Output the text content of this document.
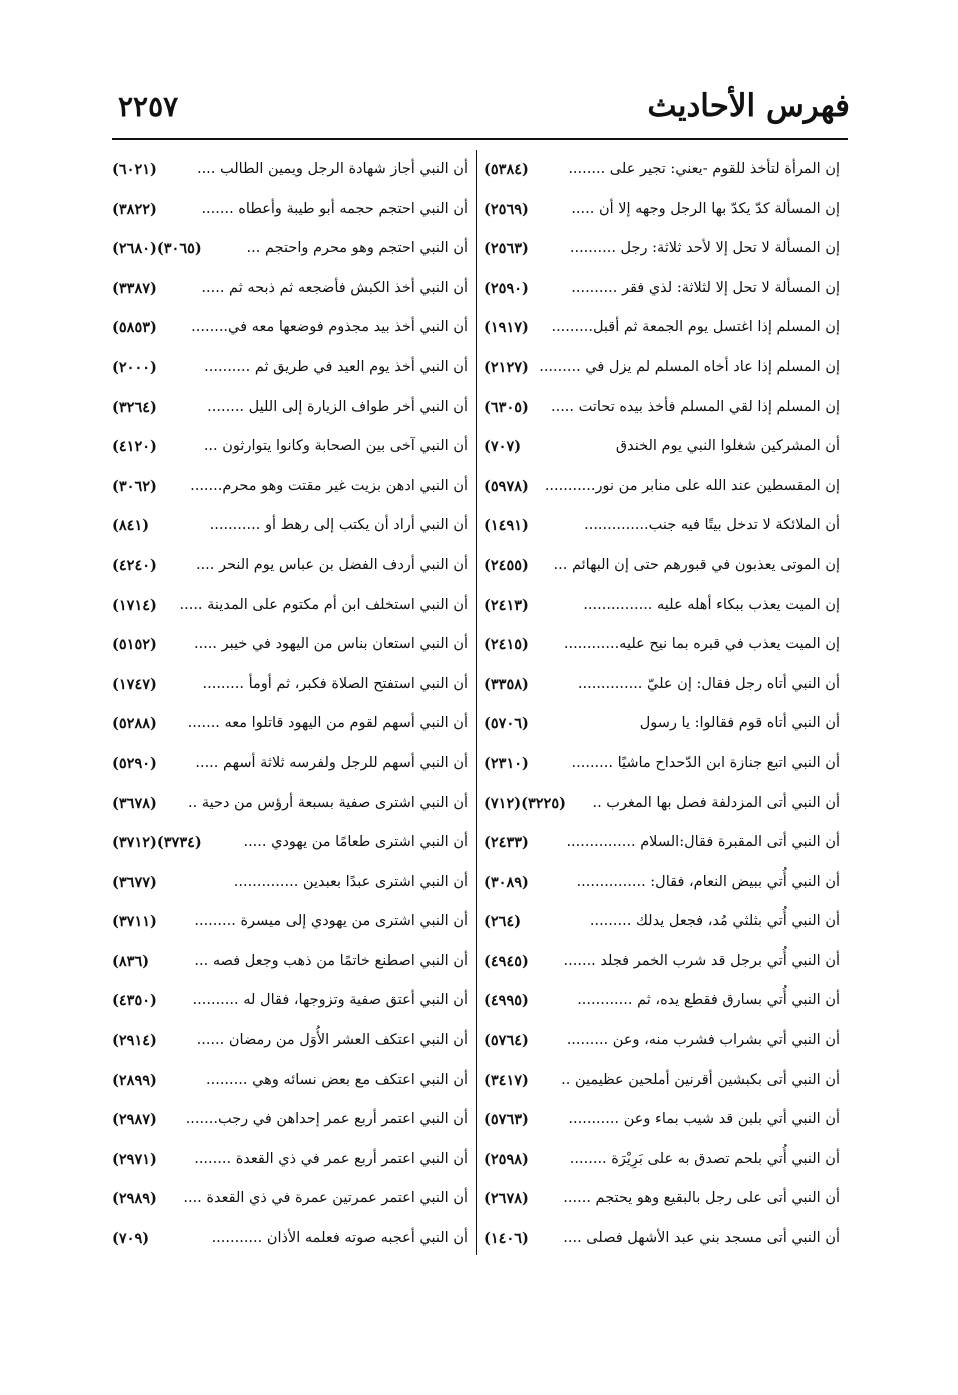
فهرس الأحاديث
٢٢٥٧
إن المرأة لتأخذ للقوم -يعني: تجير على ........
(٥٣٨٤)
إن المسألة كدّ يكدّ بها الرجل وجهه إلا أن .....
(٢٥٦٩)
إن المسألة لا تحل إلا لأحد ثلاثة: رجل ..........
(٢٥٦٣)
إن المسألة لا تحل إلا لثلاثة: لذي فقر ..........
(٢٥٩٠)
إن المسلم إذا اغتسل يوم الجمعة ثم أقبل.........
(١٩١٧)
إن المسلم إذا عاد أخاه المسلم لم يزل في .........
(٢١٢٧)
إن المسلم إذا لقي المسلم فأخذ بيده تحاتت .....
(٦٣٠٥)
أن المشركين شغلوا النبي يوم الخندق
(٧٠٧)
إن المقسطين عند الله على منابر من نور...........
(٥٩٧٨)
أن الملائكة لا تدخل بيتًا فيه جنب..............
(١٤٩١)
إن الموتى يعذبون في قبورهم حتى إن البهائم ...
(٢٤٥٥)
إن الميت يعذب ببكاء أهله عليه ...............
(٢٤١٣)
إن الميت يعذب في قبره بما نيح عليه............
(٢٤١٥)
أن النبي أتاه رجل فقال: إن عليّ ..............
(٣٣٥٨)
أن النبي أتاه قوم فقالوا: يا رسول
(٥٧٠٦)
أن النبي اتبع جنازة ابن الدّحداح ماشيًا .........
(٢٣١٠)
أن النبي أتى المزدلفة فصل بها المغرب ..
(٧١٢)(٣٢٢٥)
أن النبي أتى المقبرة فقال:السلام ...............
(٢٤٣٣)
أن النبي أُتي ببيض النعام، فقال: ...............
(٣٠٨٩)
أن النبي أُتي بثلثي مُد، فجعل يدلك .........
(٢٦٤)
أن النبي أُتي برجل قد شرب الخمر فجلد .......
(٤٩٤٥)
أن النبي أُتي بسارق فقطع يده، ثم ............
(٤٩٩٥)
أن النبي أتي بشراب فشرب منه، وعن .........
(٥٧٦٤)
أن النبي أتى بكبشين أقرنين أملحين عظيمين ..
(٣٤١٧)
أن النبي أتي بلبن قد شيب بماء وعن ...........
(٥٧٦٣)
أن النبي أُتي بلحم تصدق به على بَرِيْرَة ........
(٢٥٩٨)
أن النبي أتى على رجل بالبقيع وهو يحتجم ......
(٢٦٧٨)
أن النبي أتى مسجد بني عبد الأشهل فصلى ....
(١٤٠٦)
أن النبي أجاز شهادة الرجل ويمين الطالب ....
(٦٠٢١)
أن النبي احتجم حجمه أبو طيبة وأعطاه .......
(٣٨٢٢)
أن النبي احتجم وهو محرم واحتجم ...
(٢٦٨٠)(٣٠٦٥)
أن النبي أخذ الكبش فأضجعه ثم ذبحه ثم .....
(٣٣٨٧)
أن النبي أخذ بيد مجذوم فوضعها معه في........
(٥٨٥٣)
أن النبي أخذ يوم العيد في طريق ثم ..........
(٢٠٠٠)
أن النبي أخر طواف الزيارة إلى الليل ........
(٣٢٦٤)
أن النبي آخى بين الصحابة وكانوا يتوارثون ...
(٤١٢٠)
أن النبي ادهن بزيت غير مقتت وهو محرم.......
(٣٠٦٢)
أن النبي أراد أن يكتب إلى رهط أو ...........
(٨٤١)
أن النبي أردف الفضل بن عباس يوم النحر ....
(٤٢٤٠)
أن النبي استخلف ابن أم مكتوم على المدينة .....
(١٧١٤)
أن النبي استعان بناس من اليهود في خيبر .....
(٥١٥٢)
أن النبي استفتح الصلاة فكبر، ثم أومأ .........
(١٧٤٧)
أن النبي أسهم لقوم من اليهود قاتلوا معه .......
(٥٢٨٨)
أن النبي أسهم للرجل ولفرسه ثلاثة أسهم .....
(٥٢٩٠)
أن النبي اشترى صفية بسبعة أرؤس من دحية ..
(٣٦٧٨)
أن النبي اشترى طعامًا من يهودي .....
(٣٧١٢)(٣٧٣٤)
أن النبي اشترى عبدًا بعبدين ..............
(٣٦٧٧)
أن النبي اشترى من يهودي إلى ميسرة .........
(٣٧١١)
أن النبي اصطنع خاتمًا من ذهب وجعل فصه ...
(٨٣٦)
أن النبي أعتق صفية وتزوجها، فقال له ..........
(٤٣٥٠)
أن النبي اعتكف العشر الأُوَل من رمضان ......
(٢٩١٤)
أن النبي اعتكف مع بعض نسائه وهي .........
(٢٨٩٩)
أن النبي اعتمر أربع عمر إحداهن في رجب.......
(٢٩٨٧)
أن النبي اعتمر أربع عمر في ذي القعدة ........
(٢٩٧١)
أن النبي اعتمر عمرتين عمرة في ذي القعدة ....
(٢٩٨٩)
أن النبي أعجبه صوته فعلمه الأذان ...........
(٧٠٩)
